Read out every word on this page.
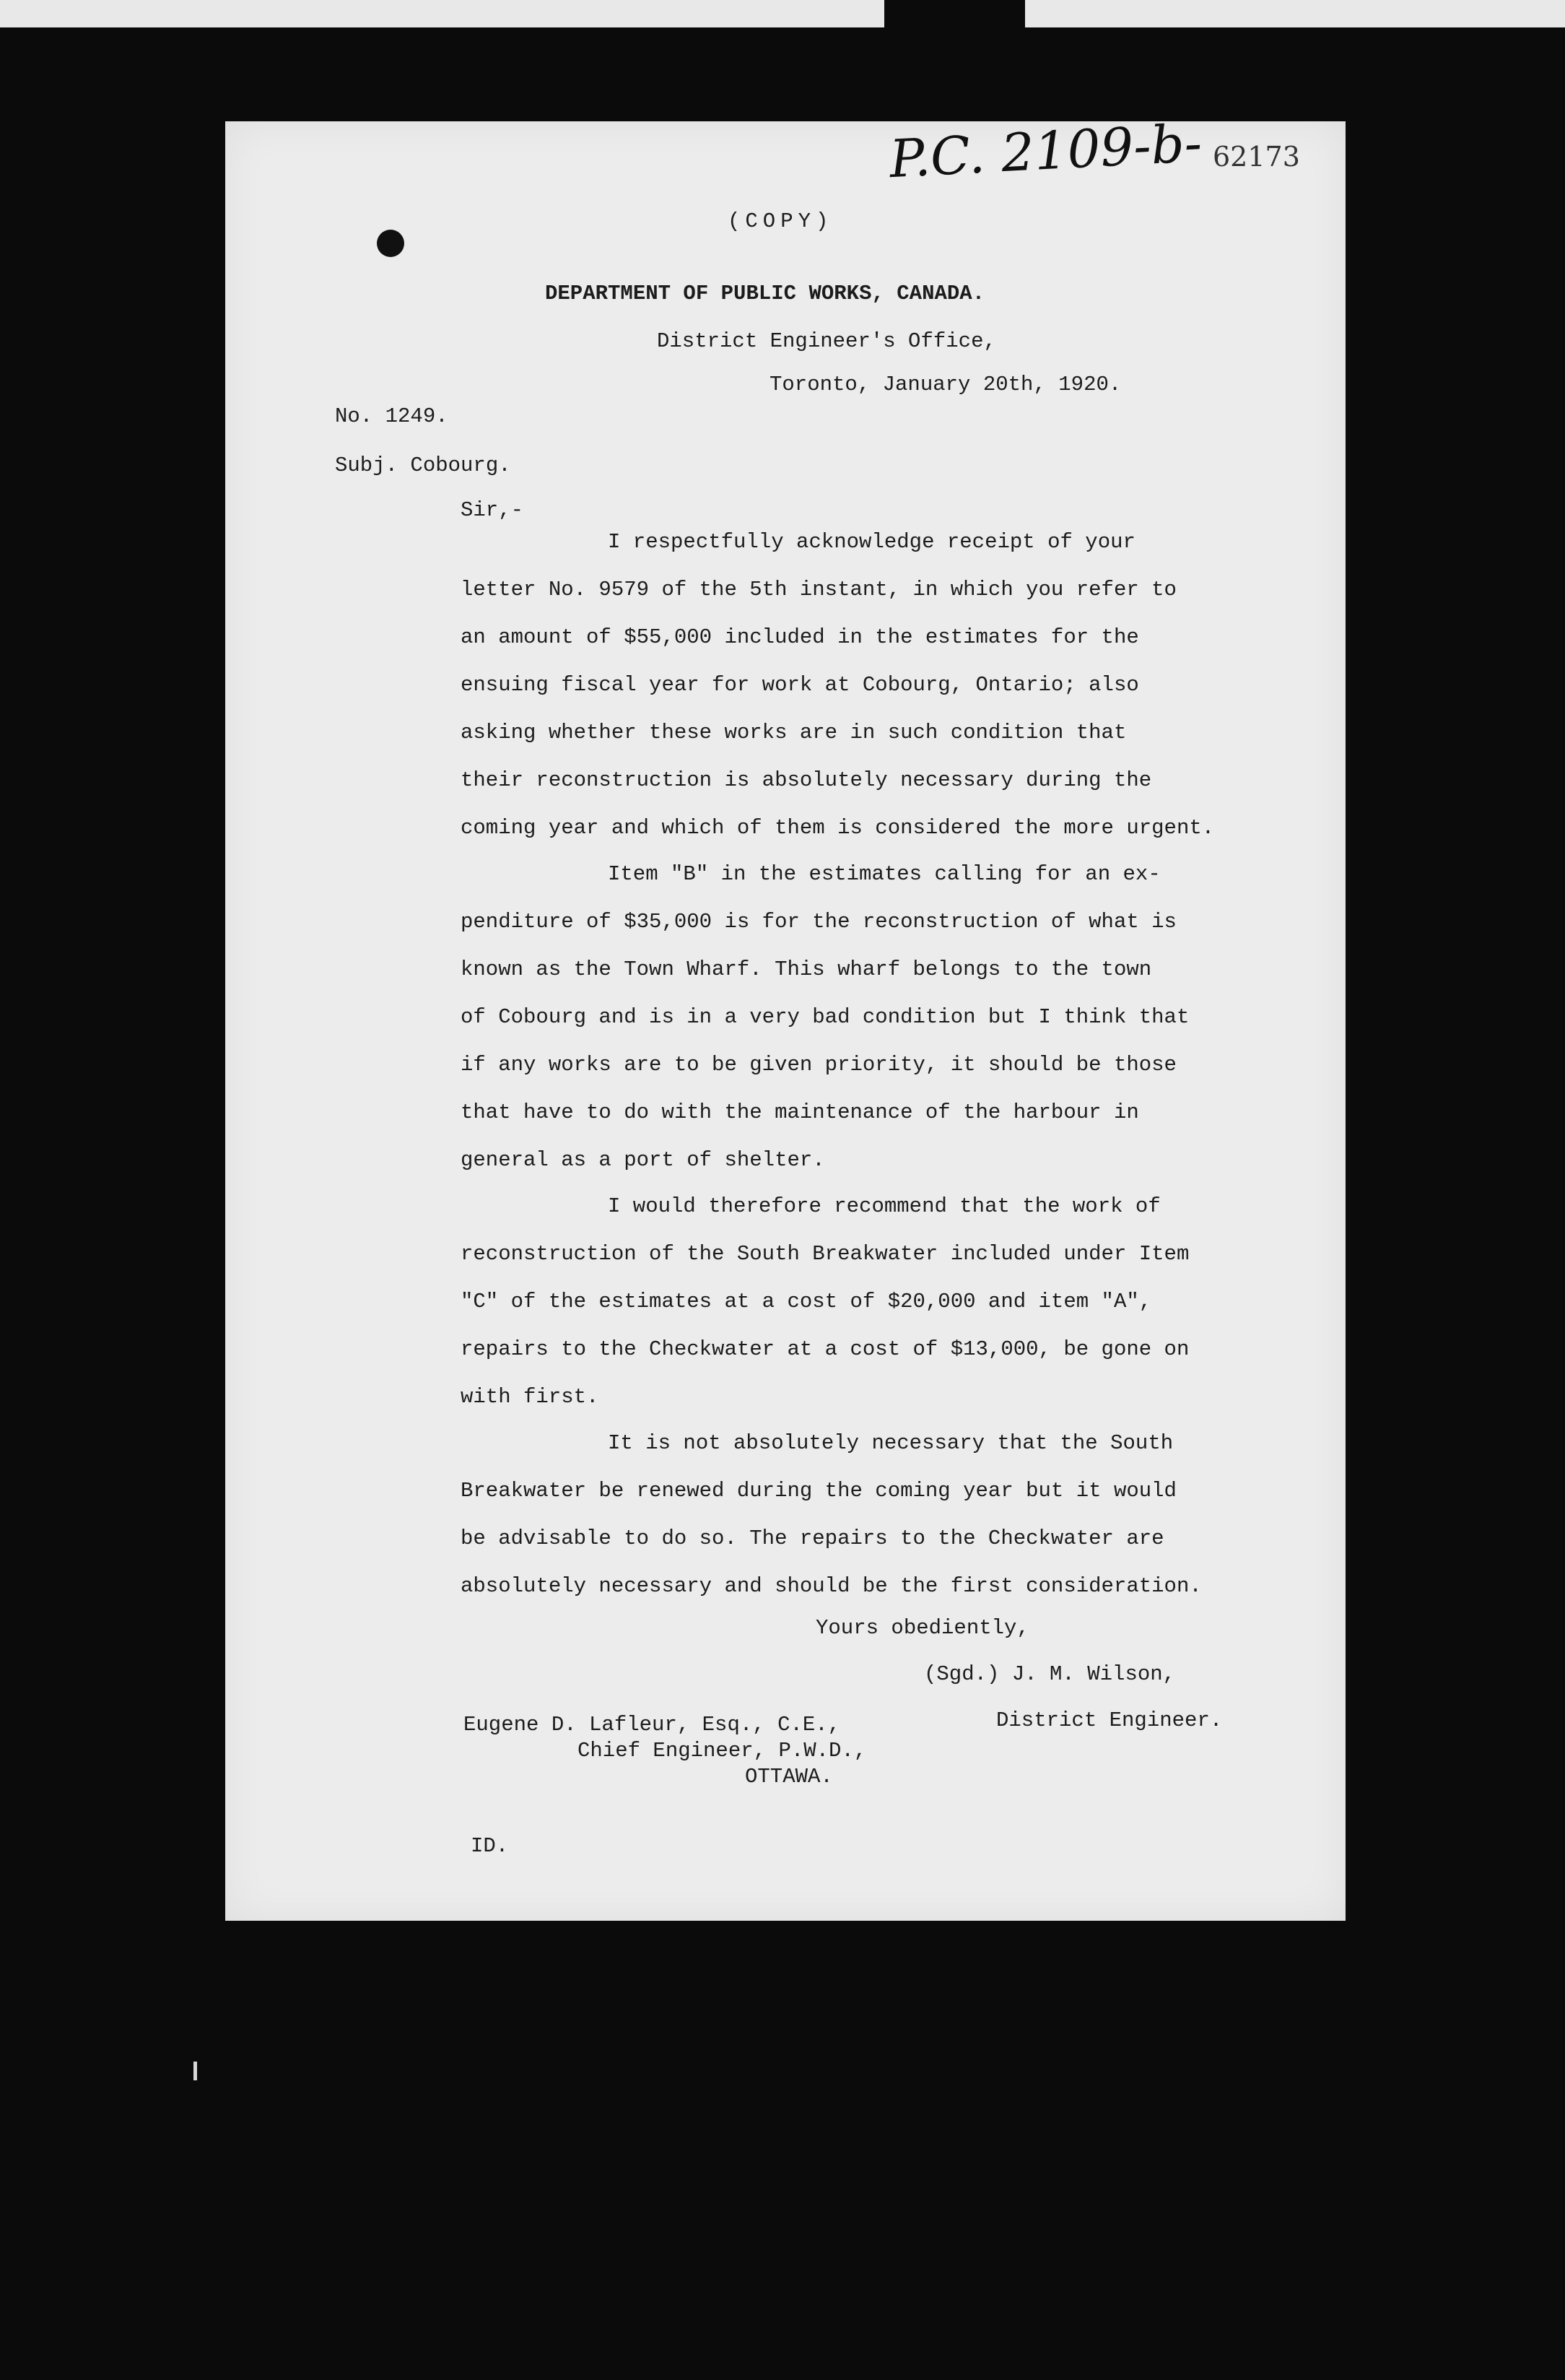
P.C. 2109-b- 62173
(COPY)
DEPARTMENT OF PUBLIC WORKS, CANADA.
District Engineer's Office,
Toronto, January 20th, 1920.
No. 1249.
Subj. Cobourg.
Sir,-
I respectfully acknowledge receipt of your
letter No. 9579 of the 5th instant, in which you refer to
an amount of $55,000 included in the estimates for the
ensuing fiscal year for work at Cobourg, Ontario; also
asking whether these works are in such condition that
their reconstruction is absolutely necessary during the
coming year and which of them is considered the more urgent.
Item "B" in the estimates calling for an ex-
penditure of $35,000 is for the reconstruction of what is
known as the Town Wharf. This wharf belongs to the town
of Cobourg and is in a very bad condition but I think that
if any works are to be given priority, it should be those
that have to do with the maintenance of the harbour in
general as a port of shelter.
I would therefore recommend that the work of
reconstruction of the South Breakwater included under Item
"C" of the estimates at a cost of $20,000 and item "A",
repairs to the Checkwater at a cost of $13,000, be gone on
with first.
It is not absolutely necessary that the South
Breakwater be renewed during the coming year but it would
be advisable to do so. The repairs to the Checkwater are
absolutely necessary and should be the first consideration.
Yours obediently,
(Sgd.) J. M. Wilson,
District Engineer.
Eugene D. Lafleur, Esq., C.E.,
Chief Engineer, P.W.D.,
OTTAWA.
ID.
